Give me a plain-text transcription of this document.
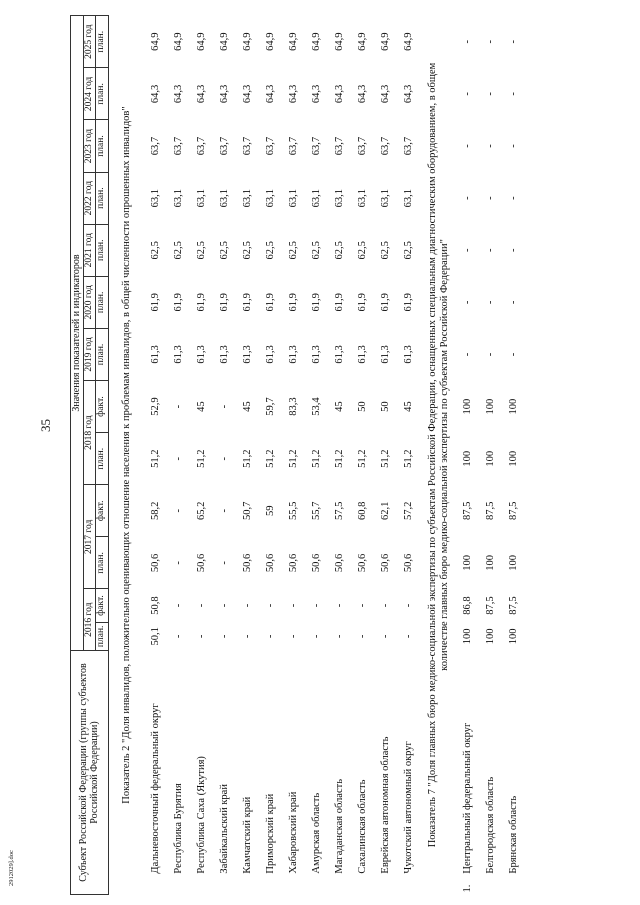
35
2912029].doc	Субъект Российской Федерации (группы субъектов Российской Федерации)		Значения показателей и индикаторов												
		2016 год		2017 год		2018 год		2019 год	2020 год	2021 год	2022 год	2023 год	2024 год	2025 год
		план.	факт.	план.	факт.	план.	факт.	план.	план.	план.	план.	план.	план.	план.
Показатель 2 "Доля инвалидов, положительно оценивающих отношение населения к проблемам инвалидов, в общей численности опрошенных инвалидов"														
	Дальневосточный федеральный округ	50,1	50,8	50,6	58,2	51,2	52,9	61,3	61,9	62,5	63,1	63,7	64,3	64,9
	Республика Бурятия	-	-	-	-	-	-	61,3	61,9	62,5	63,1	63,7	64,3	64,9
	Республика Саха (Якутия)	-	-	50,6	65,2	51,2	45	61,3	61,9	62,5	63,1	63,7	64,3	64,9
	Забайкальский край	-	-	-	-	-	-	61,3	61,9	62,5	63,1	63,7	64,3	64,9
	Камчатский край	-	-	50,6	50,7	51,2	45	61,3	61,9	62,5	63,1	63,7	64,3	64,9
	Приморский край	-	-	50,6	59	51,2	59,7	61,3	61,9	62,5	63,1	63,7	64,3	64,9
	Хабаровский край	-	-	50,6	55,5	51,2	83,3	61,3	61,9	62,5	63,1	63,7	64,3	64,9
	Амурская область	-	-	50,6	55,7	51,2	53,4	61,3	61,9	62,5	63,1	63,7	64,3	64,9
	Магаданская область	-	-	50,6	57,5	51,2	45	61,3	61,9	62,5	63,1	63,7	64,3	64,9
	Сахалинская область	-	-	50,6	60,8	51,2	50	61,3	61,9	62,5	63,1	63,7	64,3	64,9
	Еврейская автономная область	-	-	50,6	62,1	51,2	50	61,3	61,9	62,5	63,1	63,7	64,3	64,9
	Чукотский автономный округ	-	-	50,6	57,2	51,2	45	61,3	61,9	62,5	63,1	63,7	64,3	64,9
Показатель 7 "Доля главных бюро медико-социальной экспертизы по субъектам Российской Федерации, оснащенных специальным диагностическим оборудованием, в общем количестве главных бюро медико-социальной экспертизы по субъектам Российской Федерации"														
1.	Центральный федеральный округ	100	86,8	100	87,5	100	100	-	-	-	-	-	-	-
	Белгородская область	100	87,5	100	87,5	100	100	-	-	-	-	-	-	-
	Брянская область	100	87,5	100	87,5	100	100	-	-	-	-	-	-	-
